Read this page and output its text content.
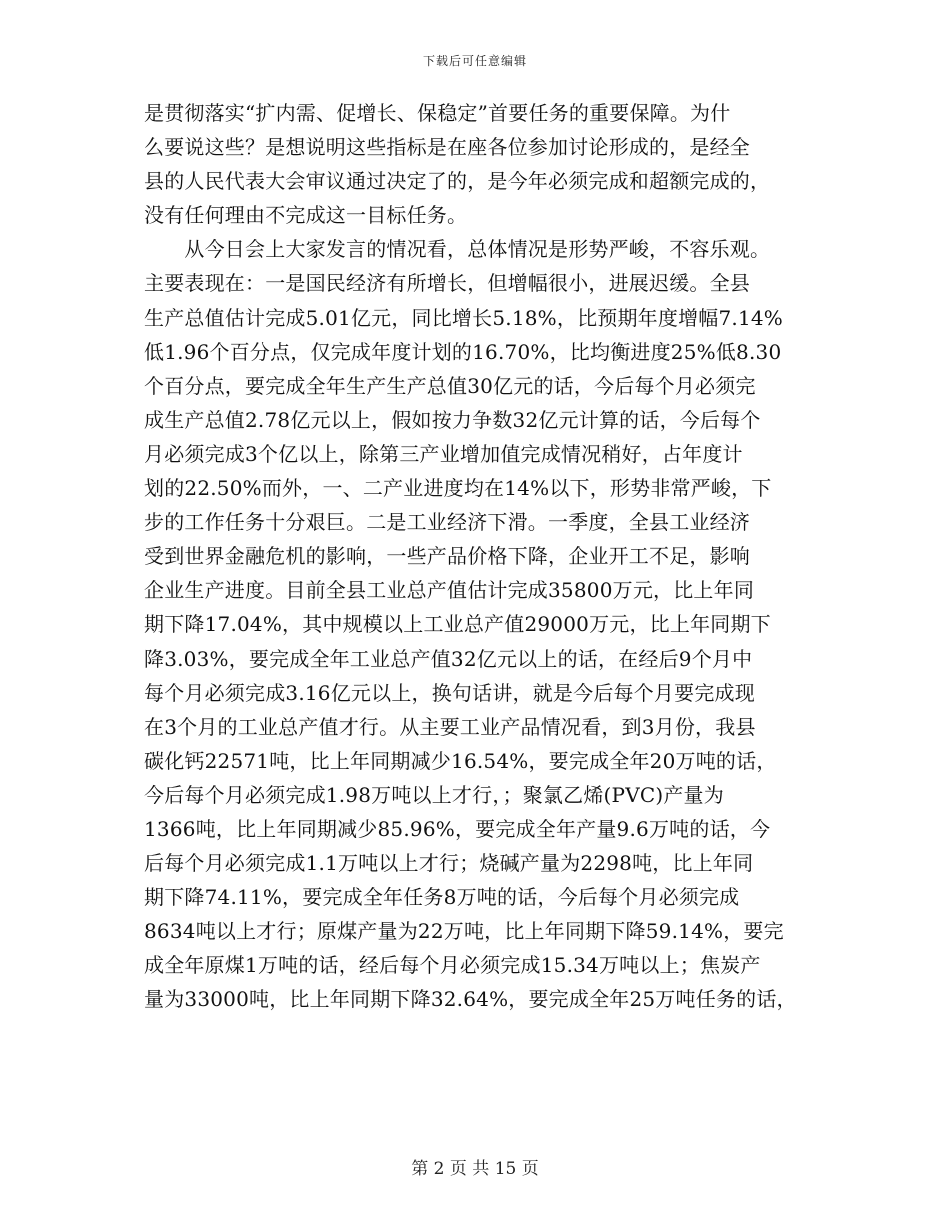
下载后可任意编辑
是贯彻落实“扩内需、促增长、保稳定”首要任务的重要保障。为什
么要说这些？是想说明这些指标是在座各位参加讨论形成的，是经全
县的人民代表大会审议通过决定了的，是今年必须完成和超额完成的，
没有任何理由不完成这一目标任务。
　　从今日会上大家发言的情况看，总体情况是形势严峻，不容乐观。
主要表现在：一是国民经济有所增长，但增幅很小，进展迟缓。全县
生产总值估计完成5.01亿元，同比增长5.18%，比预期年度增幅7.14%
低1.96个百分点，仅完成年度计划的16.70%，比均衡进度25%低8.30
个百分点，要完成全年生产生产总值30亿元的话，今后每个月必须完
成生产总值2.78亿元以上，假如按力争数32亿元计算的话，今后每个
月必须完成3个亿以上，除第三产业增加值完成情况稍好，占年度计
划的22.50%而外，一、二产业进度均在14%以下，形势非常严峻，下
步的工作任务十分艰巨。二是工业经济下滑。一季度，全县工业经济
受到世界金融危机的影响，一些产品价格下降，企业开工不足，影响
企业生产进度。目前全县工业总产值估计完成35800万元，比上年同
期下降17.04%，其中规模以上工业总产值29000万元，比上年同期下
降3.03%，要完成全年工业总产值32亿元以上的话，在经后9个月中
每个月必须完成3.16亿元以上，换句话讲，就是今后每个月要完成现
在3个月的工业总产值才行。从主要工业产品情况看，到3月份，我县
碳化钙22571吨，比上年同期减少16.54%，要完成全年20万吨的话，
今后每个月必须完成1.98万吨以上才行，；聚氯乙烯(PVC)产量为
1366吨，比上年同期减少85.96%，要完成全年产量9.6万吨的话，今
后每个月必须完成1.1万吨以上才行；烧碱产量为2298吨，比上年同
期下降74.11%，要完成全年任务8万吨的话，今后每个月必须完成
8634吨以上才行；原煤产量为22万吨，比上年同期下降59.14%，要完
成全年原煤1万吨的话，经后每个月必须完成15.34万吨以上；焦炭产
量为33000吨，比上年同期下降32.64%，要完成全年25万吨任务的话，
第 2 页 共 15 页
